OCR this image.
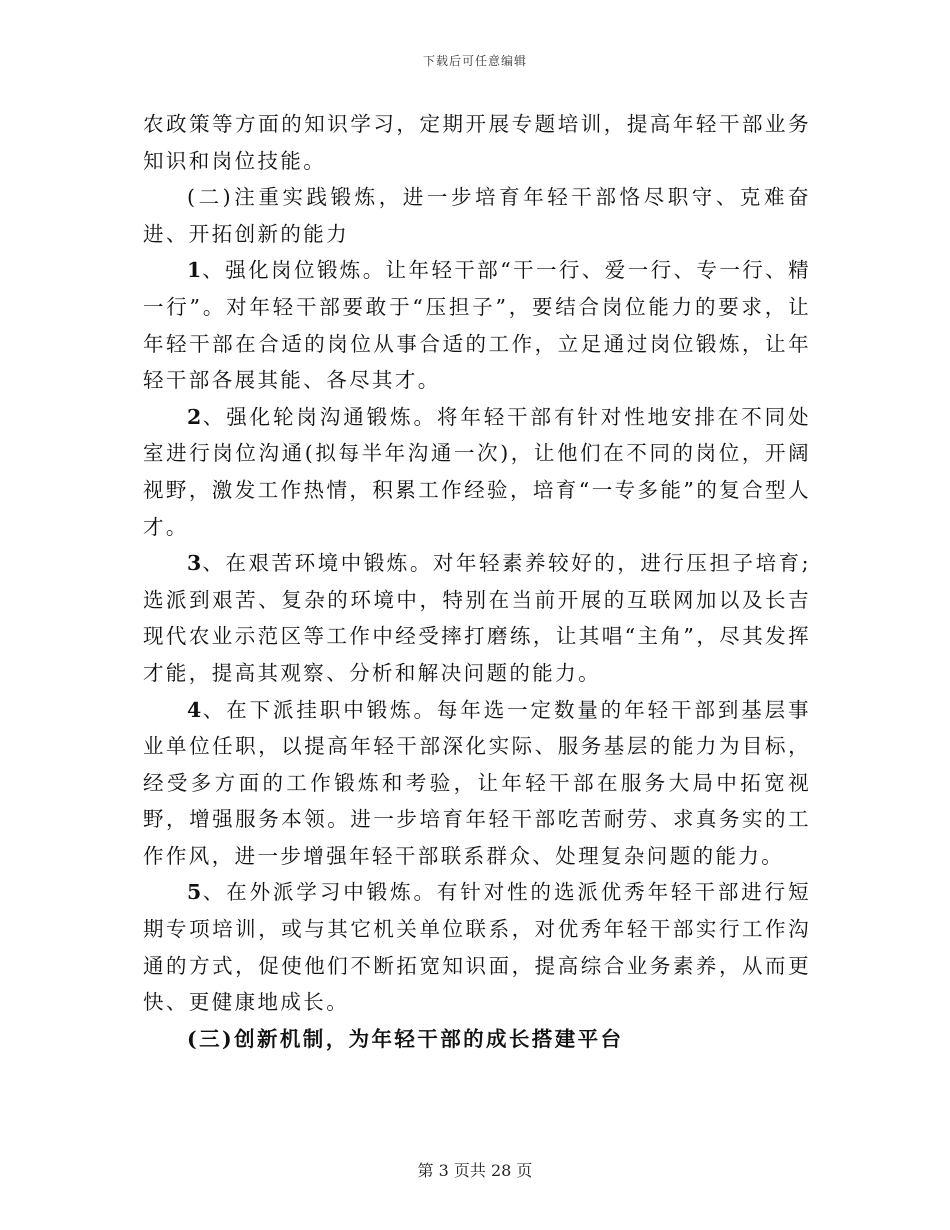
下载后可任意编辑

农政策等方面的知识学习，定期开展专题培训，提高年轻干部业务知识和岗位技能。

(二)注重实践锻炼，进一步培育年轻干部恪尽职守、克难奋进、开拓创新的能力

1、强化岗位锻炼。让年轻干部“干一行、爱一行、专一行、精一行”。对年轻干部要敢于“压担子”，要结合岗位能力的要求，让年轻干部在合适的岗位从事合适的工作，立足通过岗位锻炼，让年轻干部各展其能、各尽其才。

2、强化轮岗沟通锻炼。将年轻干部有针对性地安排在不同处室进行岗位沟通(拟每半年沟通一次)，让他们在不同的岗位，开阔视野，激发工作热情，积累工作经验，培育“一专多能”的复合型人才。

3、在艰苦环境中锻炼。对年轻素养较好的，进行压担子培育;选派到艰苦、复杂的环境中，特别在当前开展的互联网加以及长吉现代农业示范区等工作中经受摔打磨练，让其唱“主角”，尽其发挥才能，提高其观察、分析和解决问题的能力。

4、在下派挂职中锻炼。每年选一定数量的年轻干部到基层事业单位任职，以提高年轻干部深化实际、服务基层的能力为目标，经受多方面的工作锻炼和考验，让年轻干部在服务大局中拓宽视野，增强服务本领。进一步培育年轻干部吃苦耐劳、求真务实的工作作风，进一步增强年轻干部联系群众、处理复杂问题的能力。

5、在外派学习中锻炼。有针对性的选派优秀年轻干部进行短期专项培训，或与其它机关单位联系，对优秀年轻干部实行工作沟通的方式，促使他们不断拓宽知识面，提高综合业务素养，从而更快、更健康地成长。

(三)创新机制，为年轻干部的成长搭建平台

第 3 页共 28 页
